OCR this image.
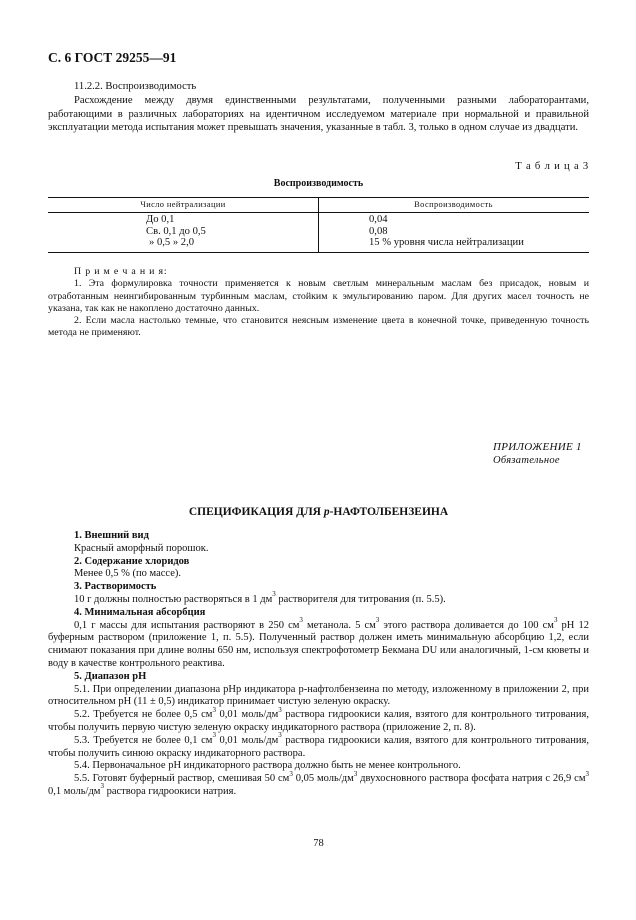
С. 6 ГОСТ 29255—91

11.2.2. Воспроизводимость

Расхождение между двумя единственными результатами, полученными разными лабораторантами, работающими в различных лабораториях на идентичном исследуемом материале при нормальной и правильной эксплуатации метода испытания может превышать значения, указанные в табл. 3, только в одном случае из двадцати.

Т а б л и ц а 3
Воспроизводимость
Число нейтрализации	Воспроизводимость
До 0,1
Св. 0,1 до 0,5
» 0,5 » 2,0
0,04
0,08
15 % уровня числа нейтрализации

П р и м е ч а н и я:

1. Эта формулировка точности применяется к новым светлым минеральным маслам без присадок, новым и отработанным неингибированным турбинным маслам, стойким к эмульгированию паром. Для других масел точность не указана, так как не накоплено достаточно данных.

2. Если масла настолько темные, что становится неясным изменение цвета в конечной точке, приведенную точность метода не применяют.

ПРИЛОЖЕНИЕ 1
Обязательное
СПЕЦИФИКАЦИЯ ДЛЯ р-НАФТОЛБЕНЗЕИНА

1. Внешний вид

Красный аморфный порошок.

2. Содержание хлоридов

Менее 0,5 % (по массе).

3. Растворимость

10 г должны полностью растворяться в 1 $дм^3$ растворителя для титрования (п. 5.5).

4. Минимальная абсорбция

0,1 г массы для испытания растворяют в 250 $см^3$ метанола. 5 $см^3$ этого раствора доливается до 100 $см^3$ рН 12 буферным раствором (приложение 1, п. 5.5). Полученный раствор должен иметь минимальную абсорбцию 1,2, если снимают показания при длине волны 650 нм, используя спектрофотометр Бекмана DU или аналогичный, 1-см кюветы и воду в качестве контрольного реактива.

5. Диапазон рН

5.1. При определении диапазона рНр индикатора р-нафтолбензеина по методу, изложенному в приложении 2, при относительном рН (11 ± 0,5) индикатор принимает чистую зеленую окраску.

5.2. Требуется не более 0,5 $см^3$ 0,01 моль/$дм^3$ раствора гидроокиси калия, взятого для контрольного титрования, чтобы получить первую чистую зеленую окраску индикаторного раствора (приложение 2, п. 8).

5.3. Требуется не более 0,1 $см^3$ 0,01 моль/$дм^3$ раствора гидроокиси калия, взятого для контрольного титрования, чтобы получить синюю окраску индикаторного раствора.

5.4. Первоначальное рН индикаторного раствора должно быть не менее контрольного.

5.5. Готовят буферный раствор, смешивая 50 $см^3$ 0,05 моль/$дм^3$ двухосновного раствора фосфата натрия с 26,9 $см^3$ 0,1 моль/$дм^3$ раствора гидроокиси натрия.

78
